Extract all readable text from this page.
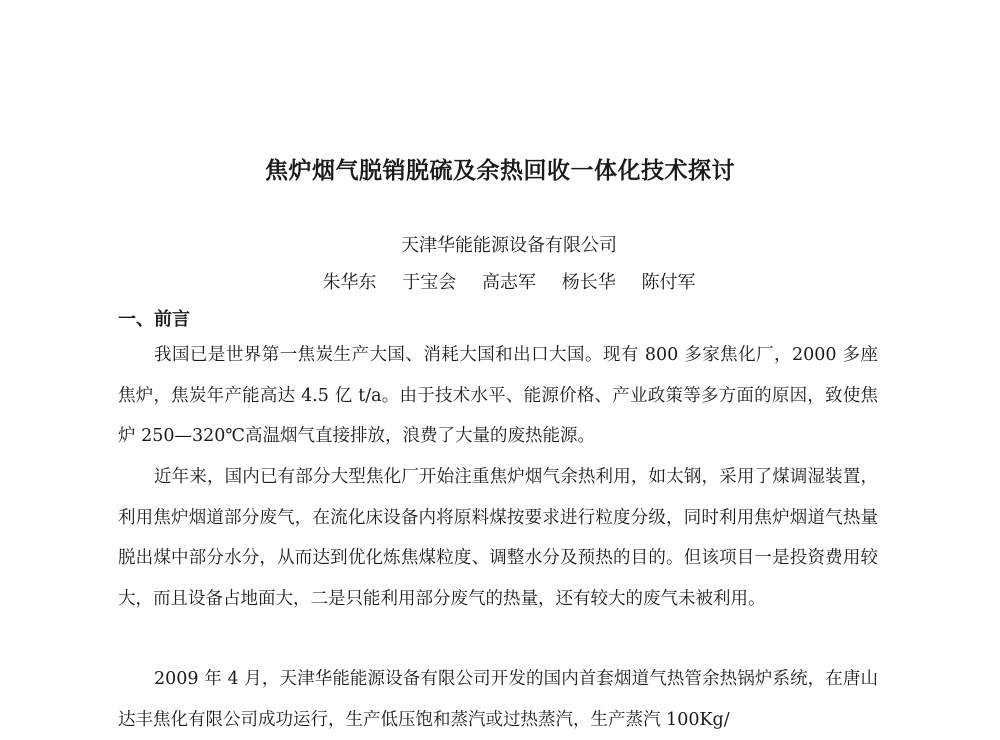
焦炉烟气脱销脱硫及余热回收一体化技术探讨
天津华能能源设备有限公司
朱华东 于宝会 高志军 杨长华 陈付军
一、前言
我国已是世界第一焦炭生产大国、消耗大国和出口大国。现有 800 多家焦化厂，2000 多座焦炉，焦炭年产能高达 4.5 亿 t/a。由于技术水平、能源价格、产业政策等多方面的原因，致使焦炉 250—320℃高温烟气直接排放，浪费了大量的废热能源。
近年来，国内已有部分大型焦化厂开始注重焦炉烟气余热利用，如太钢，采用了煤调湿装置，利用焦炉烟道部分废气，在流化床设备内将原料煤按要求进行粒度分级，同时利用焦炉烟道气热量脱出煤中部分水分，从而达到优化炼焦煤粒度、调整水分及预热的目的。但该项目一是投资费用较大，而且设备占地面大，二是只能利用部分废气的热量，还有较大的废气未被利用。
2009 年 4 月，天津华能能源设备有限公司开发的国内首套烟道气热管余热锅炉系统，在唐山达丰焦化有限公司成功运行，生产低压饱和蒸汽或过热蒸汽，生产蒸汽 100Kg/
